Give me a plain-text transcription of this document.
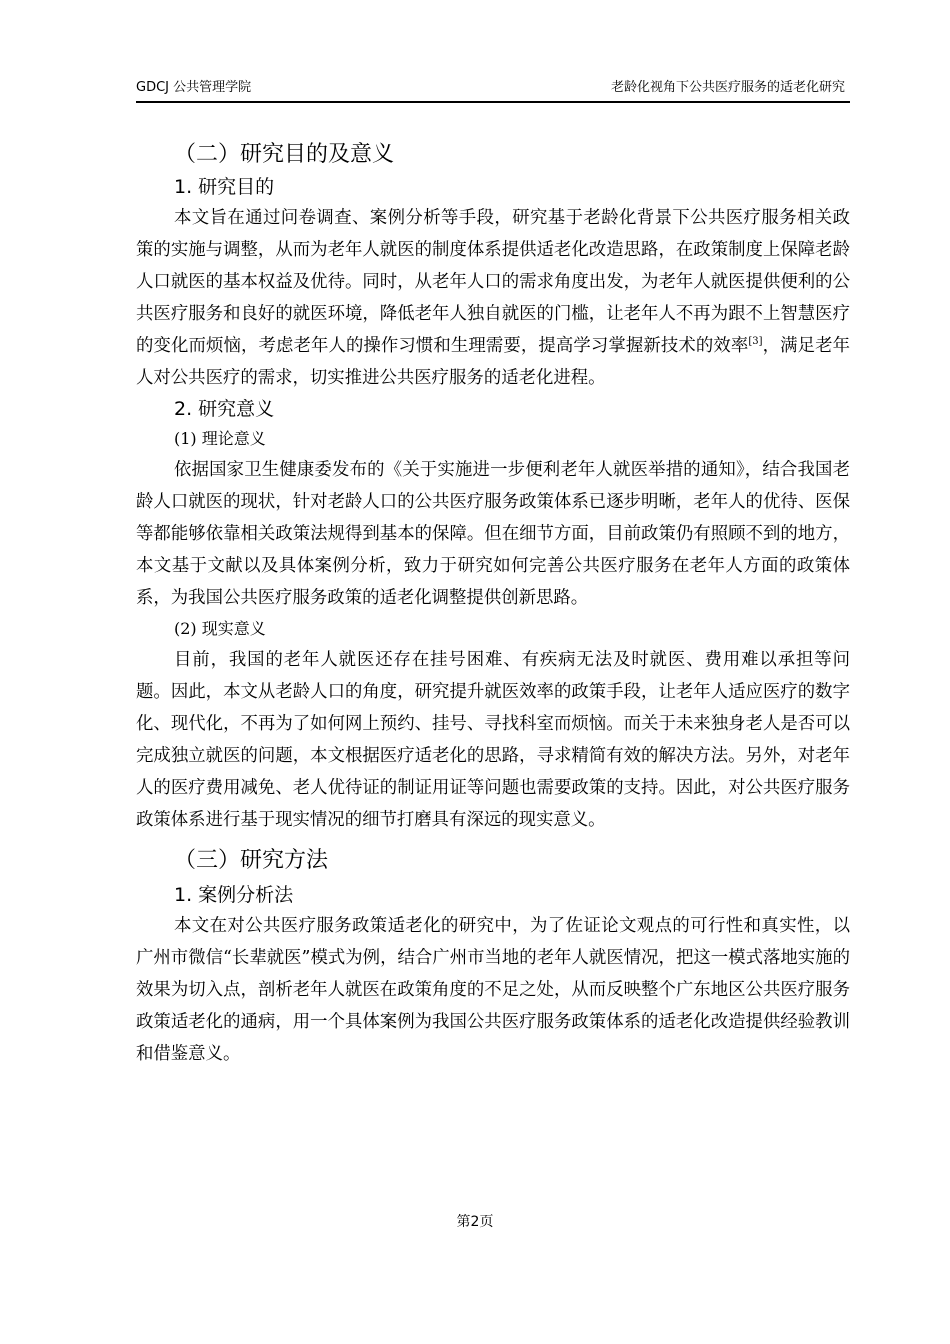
GDCJ 公共管理学院	老龄化视角下公共医疗服务的适老化研究
（二）研究目的及意义
1. 研究目的

本文旨在通过问卷调查、案例分析等手段，研究基于老龄化背景下公共医疗服务相关政策的实施与调整，从而为老年人就医的制度体系提供适老化改造思路，在政策制度上保障老龄人口就医的基本权益及优待。同时，从老年人口的需求角度出发，为老年人就医提供便利的公共医疗服务和良好的就医环境，降低老年人独自就医的门槛，让老年人不再为跟不上智慧医疗的变化而烦恼，考虑老年人的操作习惯和生理需要，提高学习掌握新技术的效率[3]，满足老年人对公共医疗的需求，切实推进公共医疗服务的适老化进程。

2. 研究意义
(1) 理论意义

依据国家卫生健康委发布的《关于实施进一步便利老年人就医举措的通知》，结合我国老龄人口就医的现状，针对老龄人口的公共医疗服务政策体系已逐步明晰，老年人的优待、医保等都能够依靠相关政策法规得到基本的保障。但在细节方面，目前政策仍有照顾不到的地方，本文基于文献以及具体案例分析，致力于研究如何完善公共医疗服务在老年人方面的政策体系，为我国公共医疗服务政策的适老化调整提供创新思路。

(2) 现实意义

目前，我国的老年人就医还存在挂号困难、有疾病无法及时就医、费用难以承担等问题。因此，本文从老龄人口的角度，研究提升就医效率的政策手段，让老年人适应医疗的数字化、现代化，不再为了如何网上预约、挂号、寻找科室而烦恼。而关于未来独身老人是否可以完成独立就医的问题，本文根据医疗适老化的思路，寻求精简有效的解决方法。另外，对老年人的医疗费用减免、老人优待证的制证用证等问题也需要政策的支持。因此，对公共医疗服务政策体系进行基于现实情况的细节打磨具有深远的现实意义。

（三）研究方法
1. 案例分析法

本文在对公共医疗服务政策适老化的研究中，为了佐证论文观点的可行性和真实性，以广州市微信“长辈就医”模式为例，结合广州市当地的老年人就医情况，把这一模式落地实施的效果为切入点，剖析老年人就医在政策角度的不足之处，从而反映整个广东地区公共医疗服务政策适老化的通病，用一个具体案例为我国公共医疗服务政策体系的适老化改造提供经验教训和借鉴意义。

第2页
